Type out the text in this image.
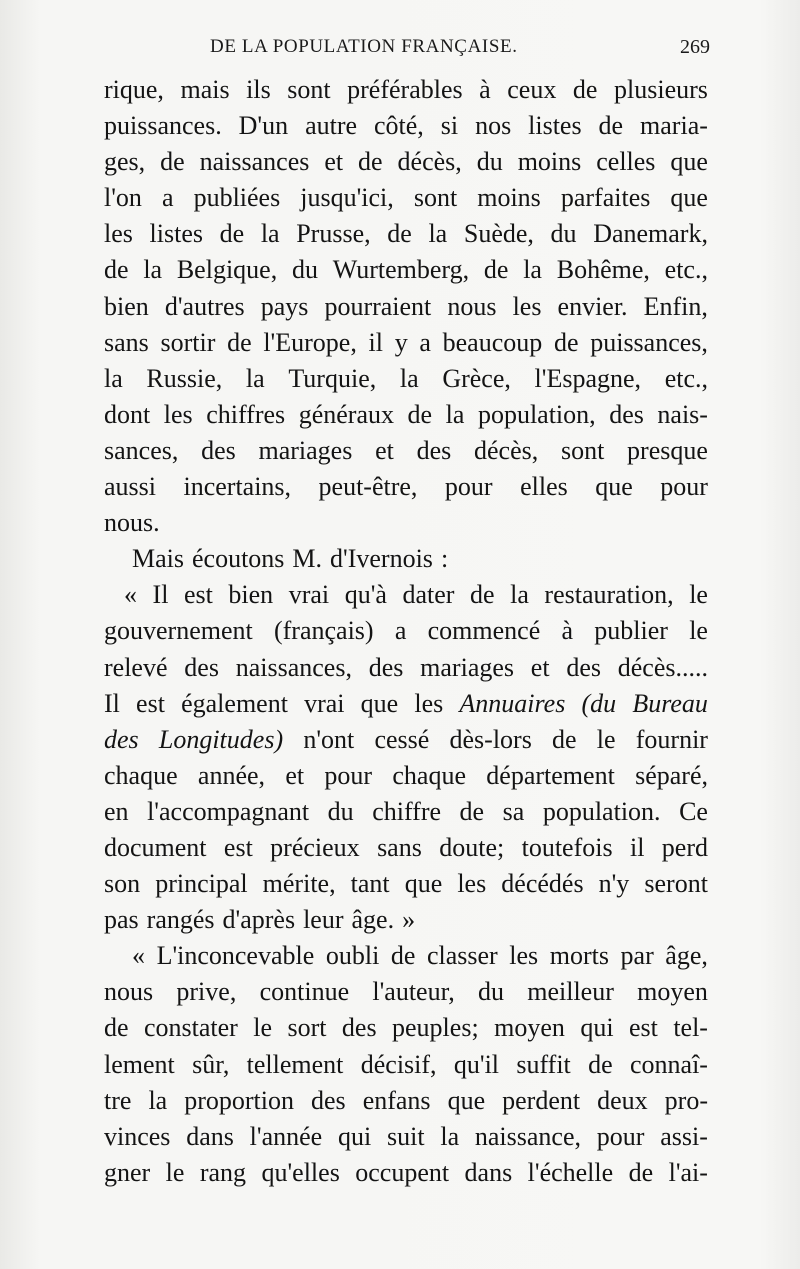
DE LA POPULATION FRANÇAISE.	269
rique, mais ils sont préférables à ceux de plusieurs
puissances. D'un autre côté, si nos listes de maria-
ges, de naissances et de décès, du moins celles que
l'on a publiées jusqu'ici, sont moins parfaites que
les listes de la Prusse, de la Suède, du Danemark,
de la Belgique, du Wurtemberg, de la Bohême, etc.,
bien d'autres pays pourraient nous les envier. Enfin,
sans sortir de l'Europe, il y a beaucoup de puissances,
la Russie, la Turquie, la Grèce, l'Espagne, etc.,
dont les chiffres généraux de la population, des nais-
sances, des mariages et des décès, sont presque
aussi incertains, peut-être, pour elles que pour
nous.
Mais écoutons M. d'Ivernois :
« Il est bien vrai qu'à dater de la restauration, le
gouvernement (français) a commencé à publier le
relevé des naissances, des mariages et des décès.....
Il est également vrai que les Annuaires (du Bureau
des Longitudes) n'ont cessé dès-lors de le fournir
chaque année, et pour chaque département séparé,
en l'accompagnant du chiffre de sa population. Ce
document est précieux sans doute; toutefois il perd
son principal mérite, tant que les décédés n'y seront
pas rangés d'après leur âge. »
« L'inconcevable oubli de classer les morts par âge,
nous prive, continue l'auteur, du meilleur moyen
de constater le sort des peuples; moyen qui est tel-
lement sûr, tellement décisif, qu'il suffit de connaî-
tre la proportion des enfans que perdent deux pro-
vinces dans l'année qui suit la naissance, pour assi-
gner le rang qu'elles occupent dans l'échelle de l'ai-
